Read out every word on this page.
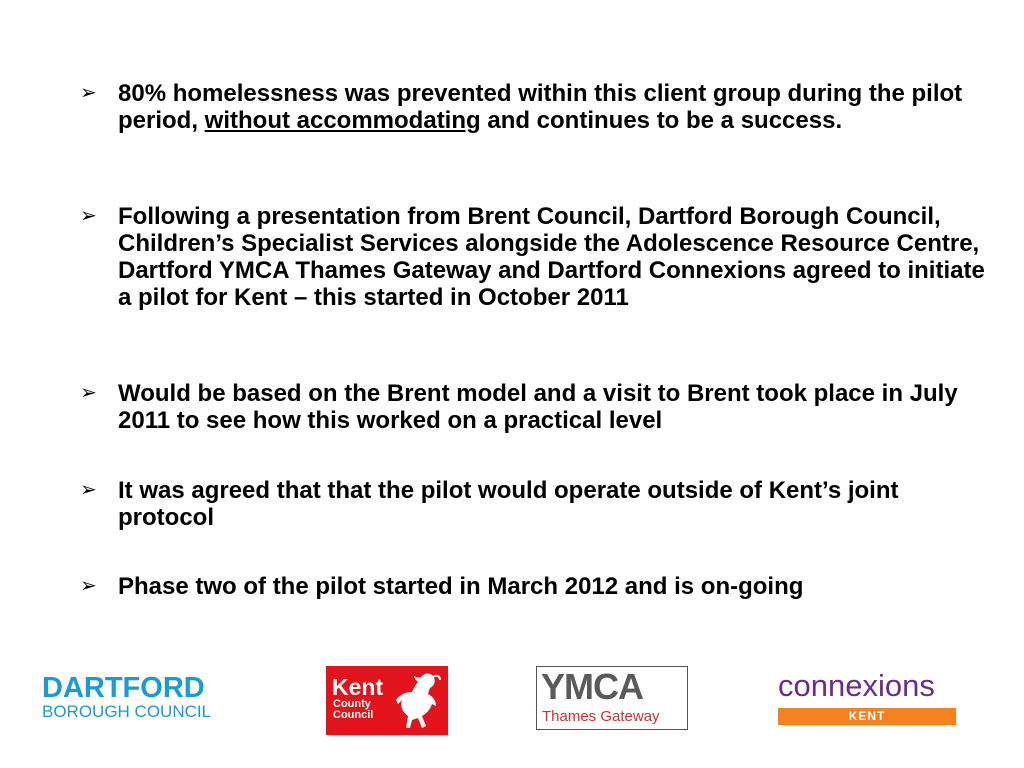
➢ 80% homelessness was prevented within this client group during the pilot period, without accommodating and continues to be a success.
➢ Following a presentation from Brent Council, Dartford Borough Council, Children’s Specialist Services alongside the Adolescence Resource Centre, Dartford YMCA Thames Gateway and Dartford Connexions agreed to initiate a pilot for Kent – this started in October 2011
➢ Would be based on the Brent model and a visit to Brent took place in July 2011 to see how this worked on a practical level
➢ It was agreed that that the pilot would operate outside of Kent’s joint protocol
➢ Phase two of the pilot started in March 2012 and is on-going
DARTFORD
BOROUGH COUNCIL
Kent
County
Council
YMCA
Thames Gateway
connexions
KENT
